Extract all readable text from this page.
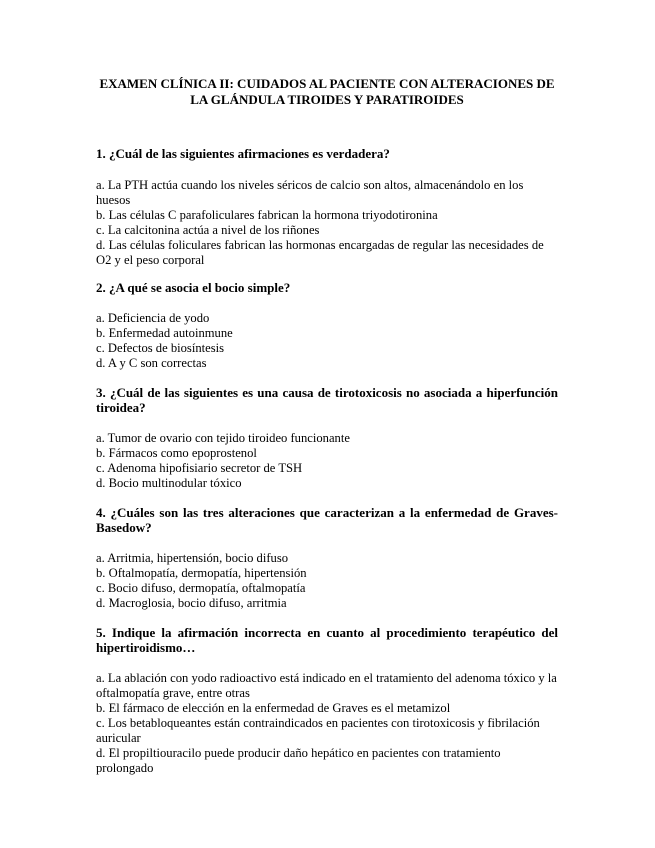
EXAMEN CLÍNICA II: CUIDADOS AL PACIENTE CON ALTERACIONES DE
LA GLÁNDULA TIROIDES Y PARATIROIDES

1. ¿Cuál de las siguientes afirmaciones es verdadera?

a. La PTH actúa cuando los niveles séricos de calcio son altos, almacenándolo en los huesos
b. Las células C parafoliculares fabrican la hormona triyodotironina
c. La calcitonina actúa a nivel de los riñones
d. Las células foliculares fabrican las hormonas encargadas de regular las necesidades de O2 y el peso corporal

2. ¿A qué se asocia el bocio simple?

a. Deficiencia de yodo
b. Enfermedad autoinmune
c. Defectos de biosíntesis
d. A y C son correctas

3. ¿Cuál de las siguientes es una causa de tirotoxicosis no asociada a hiperfunción tiroidea?

a. Tumor de ovario con tejido tiroideo funcionante
b. Fármacos como epoprostenol
c. Adenoma hipofisiario secretor de TSH
d. Bocio multinodular tóxico

4. ¿Cuáles son las tres alteraciones que caracterizan a la enfermedad de Graves-Basedow?

a. Arritmia, hipertensión, bocio difuso
b. Oftalmopatía, dermopatía, hipertensión
c. Bocio difuso, dermopatía, oftalmopatía
d. Macroglosia, bocio difuso, arritmia

5. Indique la afirmación incorrecta en cuanto al procedimiento terapéutico del hipertiroidismo…

a. La ablación con yodo radioactivo está indicado en el tratamiento del adenoma tóxico y la oftalmopatía grave, entre otras
b. El fármaco de elección en la enfermedad de Graves es el metamizol
c. Los betabloqueantes están contraindicados en pacientes con tirotoxicosis y fibrilación auricular
d. El propiltiouracilo puede producir daño hepático en pacientes con tratamiento prolongado
